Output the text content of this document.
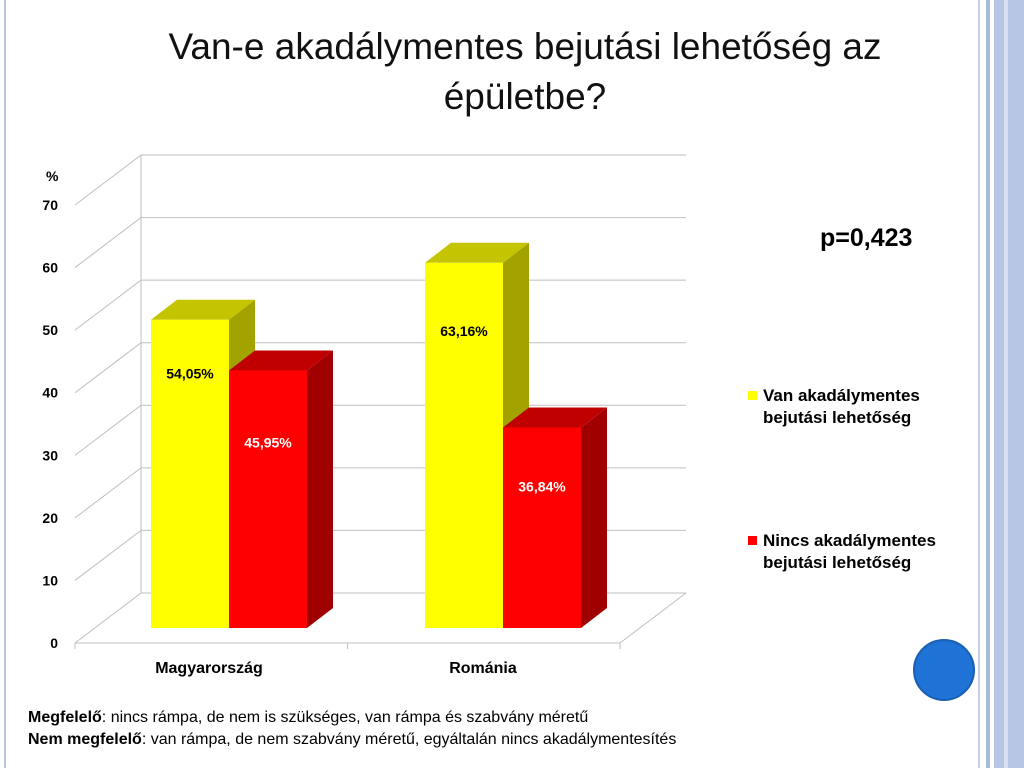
Van-e akadálymentes bejutási lehetőség az épületbe?
0
10
20
30
40
50
60
70
%
54,05%
45,95%
Magyarország
63,16%
36,84%
Románia
p=0,423
Van akadálymentes bejutási lehetőség
Nincs akadálymentes bejutási lehetőség
Megfelelő: nincs rámpa, de nem is szükséges, van rámpa és szabvány méretű
Nem megfelelő: van rámpa, de nem szabvány méretű, egyáltalán nincs akadálymentesítés
